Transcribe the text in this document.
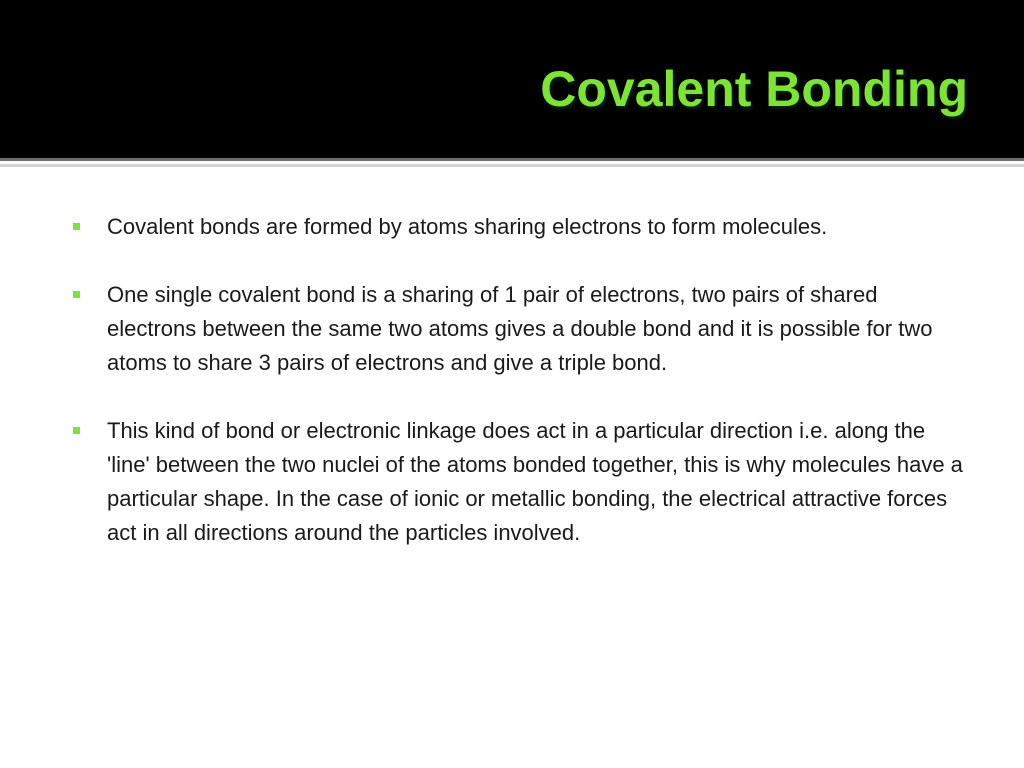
Covalent Bonding
Covalent bonds are formed by atoms sharing electrons to form molecules.
One single covalent bond is a sharing of 1 pair of electrons, two pairs of shared electrons between the same two atoms gives a double bond and it is possible for two atoms to share 3 pairs of electrons and give a triple bond.
This kind of bond or electronic linkage does act in a particular direction i.e. along the 'line' between the two nuclei of the atoms bonded together, this is why molecules have a particular shape. In the case of ionic or metallic bonding, the electrical attractive forces act in all directions around the particles involved.
